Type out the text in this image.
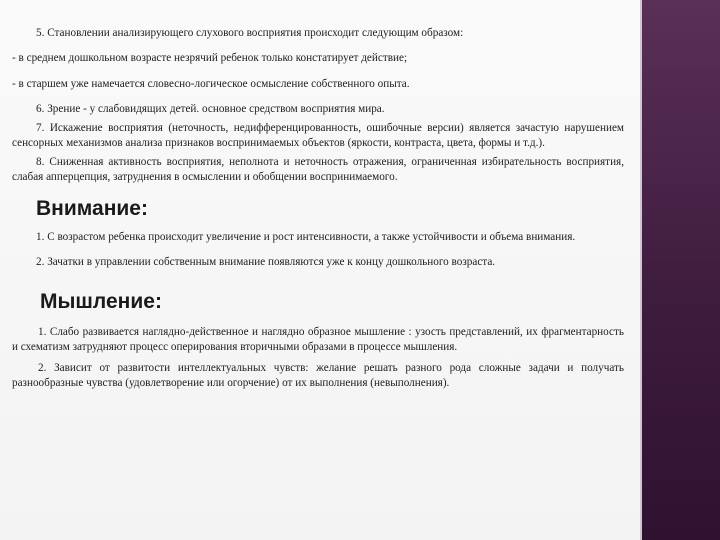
5. Становлении анализирующего слухового восприятия происходит следующим образом:

- в среднем дошкольном возрасте незрячий ребенок только констатирует действие;

- в старшем уже намечается словесно-логическое осмысление собственного опыта.

6. Зрение - у слабовидящих детей. основное средством восприятия мира.

7. Искажение восприятия (неточность, недифференцированность, ошибочные версии) является зачастую нарушением сенсорных механизмов анализа признаков воспринимаемых объектов (яркости, контраста, цвета, формы и т.д.).

8. Сниженная активность восприятия, неполнота и неточность отражения, ограниченная избирательность восприятия, слабая апперцепция, затруднения в осмыслении и обобщении воспринимаемого.

Внимание:

1. С возрастом ребенка происходит увеличение и рост интенсивности, а также устойчивости и объема внимания.

2. Зачатки в управлении собственным внимание появляются уже к концу дошкольного возраста.

Мышление:

1. Слабо развивается наглядно-действенное и наглядно образное мышление : узость представлений, их фрагментарность и схематизм затрудняют процесс оперирования вторичными образами в процессе мышления.

2. Зависит от развитости интеллектуальных чувств: желание решать разного рода сложные задачи и получать разнообразные чувства (удовлетворение или огорчение) от их выполнения (невыполнения).
